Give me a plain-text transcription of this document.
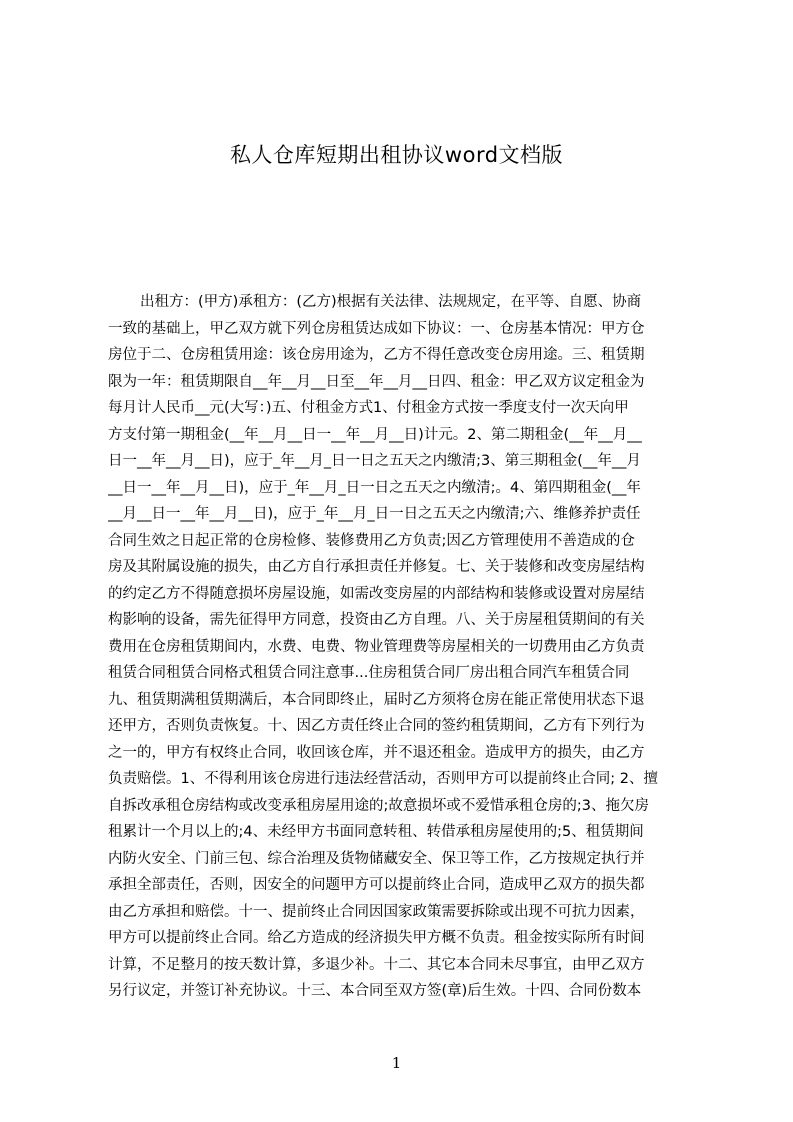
私人仓库短期出租协议word文档版
出租方：(甲方)承租方：(乙方)根据有关法律、法规规定，在平等、自愿、协商
一致的基础上，甲乙双方就下列仓房租赁达成如下协议：一、仓房基本情况：甲方仓
房位于二、仓房租赁用途：该仓房用途为，乙方不得任意改变仓房用途。三、租赁期
限为一年：租赁期限自__年__月__日至__年__月__日四、租金：甲乙双方议定租金为
每月计人民币__元(大写：)五、付租金方式1、付租金方式按一季度支付一次天向甲
方支付第一期租金(__年__月__日一__年__月__日)计元。2、第二期租金(__年__月__
日一__年__月__日)，应于_年__月_日一日之五天之内缴清;3、第三期租金(__年__月
__日一__年__月__日)，应于_年__月_日一日之五天之内缴清;。4、第四期租金(__年
__月__日一__年__月__日)，应于_年__月_日一日之五天之内缴清;六、维修养护责任
合同生效之日起正常的仓房检修、装修费用乙方负责;因乙方管理使用不善造成的仓
房及其附属设施的损失，由乙方自行承担责任并修复。七、关于装修和改变房屋结构
的约定乙方不得随意损坏房屋设施，如需改变房屋的内部结构和装修或设置对房屋结
构影响的设备，需先征得甲方同意，投资由乙方自理。八、关于房屋租赁期间的有关
费用在仓房租赁期间内，水费、电费、物业管理费等房屋相关的一切费用由乙方负责
租赁合同租赁合同格式租赁合同注意事...住房租赁合同厂房出租合同汽车租赁合同
九、租赁期满租赁期满后，本合同即终止，届时乙方须将仓房在能正常使用状态下退
还甲方，否则负责恢复。十、因乙方责任终止合同的签约租赁期间，乙方有下列行为
之一的，甲方有权终止合同，收回该仓库，并不退还租金。造成甲方的损失，由乙方
负责赔偿。1、不得利用该仓房进行违法经营活动，否则甲方可以提前终止合同; 2、擅
自拆改承租仓房结构或改变承租房屋用途的;故意损坏或不爱惜承租仓房的;3、拖欠房
租累计一个月以上的;4、未经甲方书面同意转租、转借承租房屋使用的;5、租赁期间
内防火安全、门前三包、综合治理及货物储藏安全、保卫等工作，乙方按规定执行并
承担全部责任，否则，因安全的问题甲方可以提前终止合同，造成甲乙双方的损失都
由乙方承担和赔偿。十一、提前终止合同因国家政策需要拆除或出现不可抗力因素，
甲方可以提前终止合同。给乙方造成的经济损失甲方概不负责。租金按实际所有时间
计算，不足整月的按天数计算，多退少补。十二、其它本合同未尽事宜，由甲乙双方
另行议定，并签订补充协议。十三、本合同至双方签(章)后生效。十四、合同份数本
1
